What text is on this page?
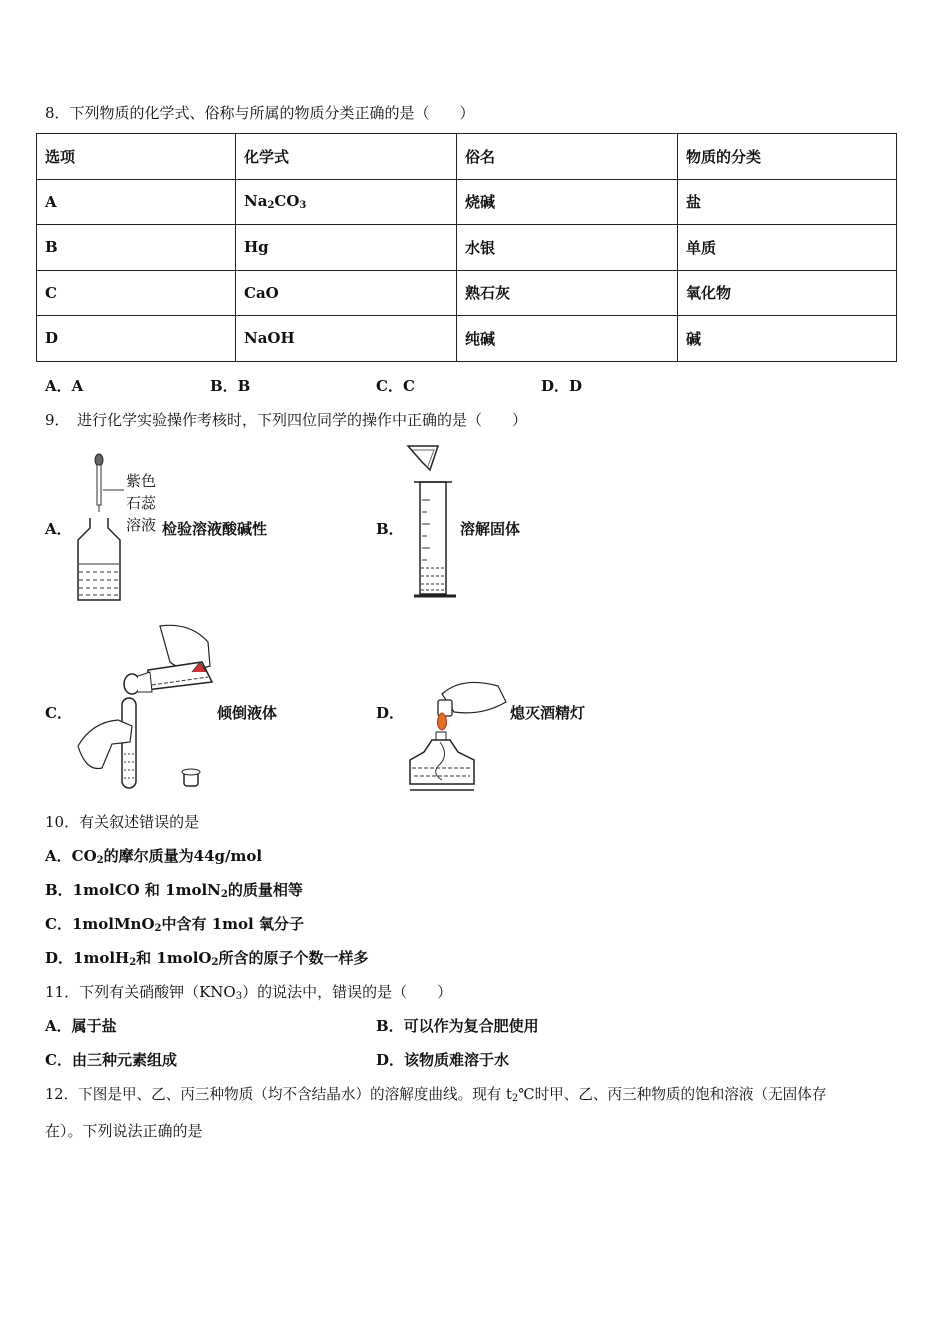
8．下列物质的化学式、俗称与所属的物质分类正确的是（　　）
选项	化学式	俗名	物质的分类
A	$Na_2CO_3$	烧碱	盐
B	Hg	水银	单质
C	CaO	熟石灰	氧化物
D	NaOH	纯碱	碱
A．A	B．B	C．C	D．D
9．　进行化学实验操作考核时，下列四位同学的操作中正确的是（　　）
紫色
石蕊
溶液
A．	检验溶液酸碱性	B．	溶解固体
C．	倾倒液体	D．	熄灭酒精灯
10．有关叙述错误的是
A．$CO_2$的摩尔质量为44g/mol
B．1molCO 和 1molN$_2$的质量相等
C．1molMnO$_2$中含有 1mol 氧分子
D．1molH$_2$和 1molO$_2$所含的原子个数一样多
11．下列有关硝酸钾$(KNO_3)$的说法中，错误的是（　　）
A．属于盐	B．可以作为复合肥使用
C．由三种元素组成	D．该物质难溶于水
12．下图是甲、乙、丙三种物质（均不含结晶水）的溶解度曲线。现有 $t_2℃$时甲、乙、丙三种物质的饱和溶液（无固体存
在）。下列说法正确的是
